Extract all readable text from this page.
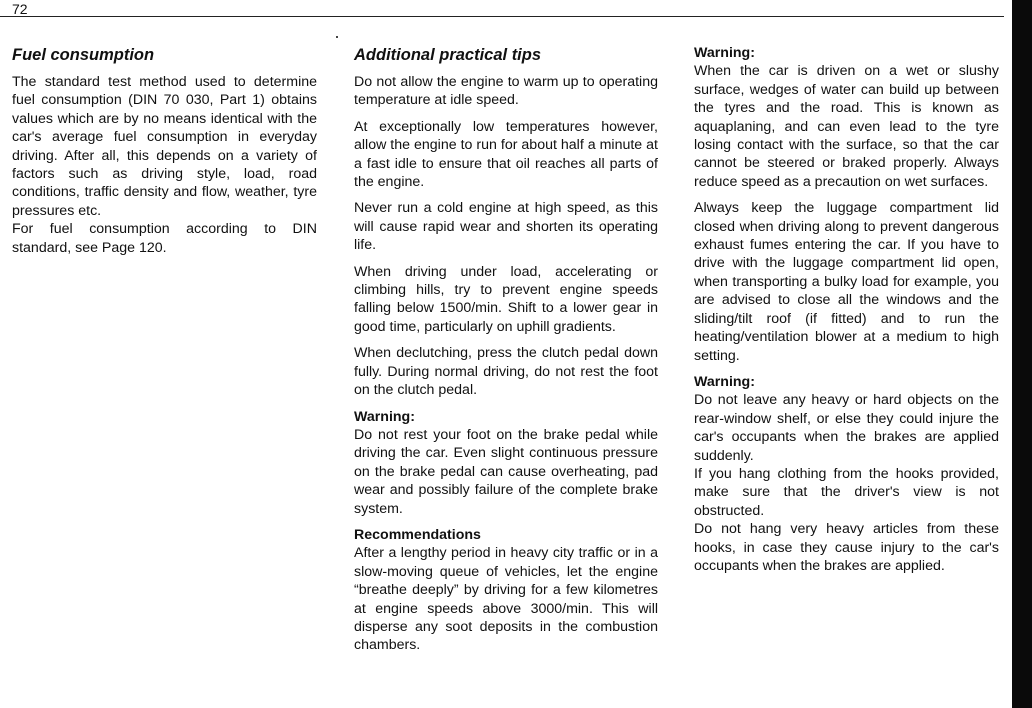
72
Fuel consumption

The standard test method used to determine fuel consumption (DIN 70 030, Part 1) obtains values which are by no means identical with the car's average fuel consumption in everyday driving. After all, this depends on a variety of factors such as driving style, load, road conditions, traffic density and flow, weather, tyre pressures etc.

For fuel consumption according to DIN standard, see Page 120.

Additional practical tips

Do not allow the engine to warm up to operating temperature at idle speed.

At exceptionally low temperatures however, allow the engine to run for about half a minute at a fast idle to ensure that oil reaches all parts of the engine.

Never run a cold engine at high speed, as this will cause rapid wear and shorten its operating life.

When driving under load, accelerating or climbing hills, try to prevent engine speeds falling below 1500/min. Shift to a lower gear in good time, particularly on uphill gradients.

When declutching, press the clutch pedal down fully. During normal driving, do not rest the foot on the clutch pedal.

Warning:

Do not rest your foot on the brake pedal while driving the car. Even slight continuous pressure on the brake pedal can cause overheating, pad wear and possibly failure of the complete brake system.

Recommendations

After a lengthy period in heavy city traffic or in a slow-moving queue of vehicles, let the engine “breathe deeply” by driving for a few kilometres at engine speeds above 3000/min. This will disperse any soot deposits in the combustion chambers.

Warning:

When the car is driven on a wet or slushy surface, wedges of water can build up between the tyres and the road. This is known as aquaplaning, and can even lead to the tyre losing contact with the surface, so that the car cannot be steered or braked properly. Always reduce speed as a precaution on wet surfaces.

Always keep the luggage compartment lid closed when driving along to prevent dangerous exhaust fumes entering the car. If you have to drive with the luggage compartment lid open, when transporting a bulky load for example, you are advised to close all the windows and the sliding/tilt roof (if fitted) and to run the heating/ventilation blower at a medium to high setting.

Warning:

Do not leave any heavy or hard objects on the rear-window shelf, or else they could injure the car's occupants when the brakes are applied suddenly.

If you hang clothing from the hooks provided, make sure that the driver's view is not obstructed.

Do not hang very heavy articles from these hooks, in case they cause injury to the car's occupants when the brakes are applied.
